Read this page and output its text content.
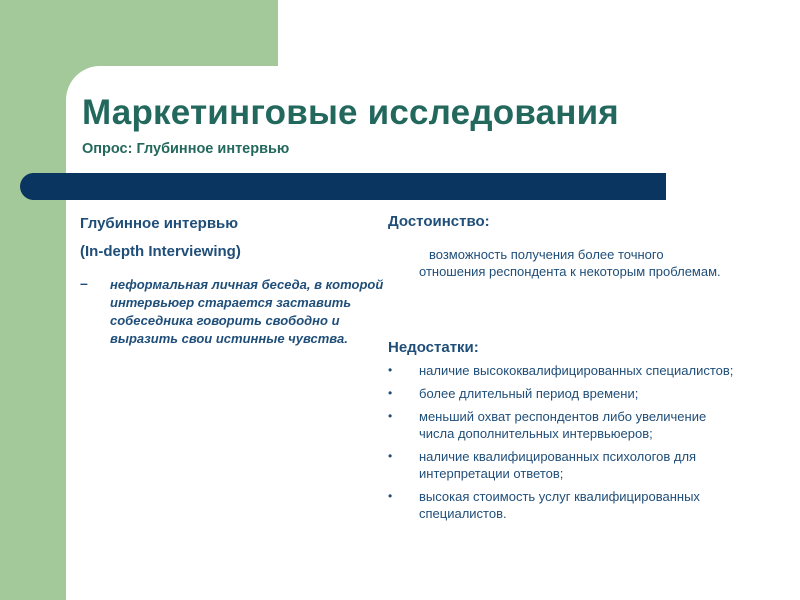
Маркетинговые исследования
Опрос: Глубинное интервью
Глубинное интервью
(In-depth Interviewing)
– неформальная личная беседа, в которой интервьюер старается заставить собеседника говорить свободно и выразить свои истинные чувства.
Достоинство:
возможность получения более точного отношения респондента к некоторым проблемам.
Недостатки:
• наличие высококвалифицированных специалистов;
• более длительный период времени;
• меньший охват респондентов либо увеличение числа дополнительных интервьюеров;
• наличие квалифицированных психологов для интерпретации ответов;
• высокая стоимость услуг квалифицированных специалистов.
